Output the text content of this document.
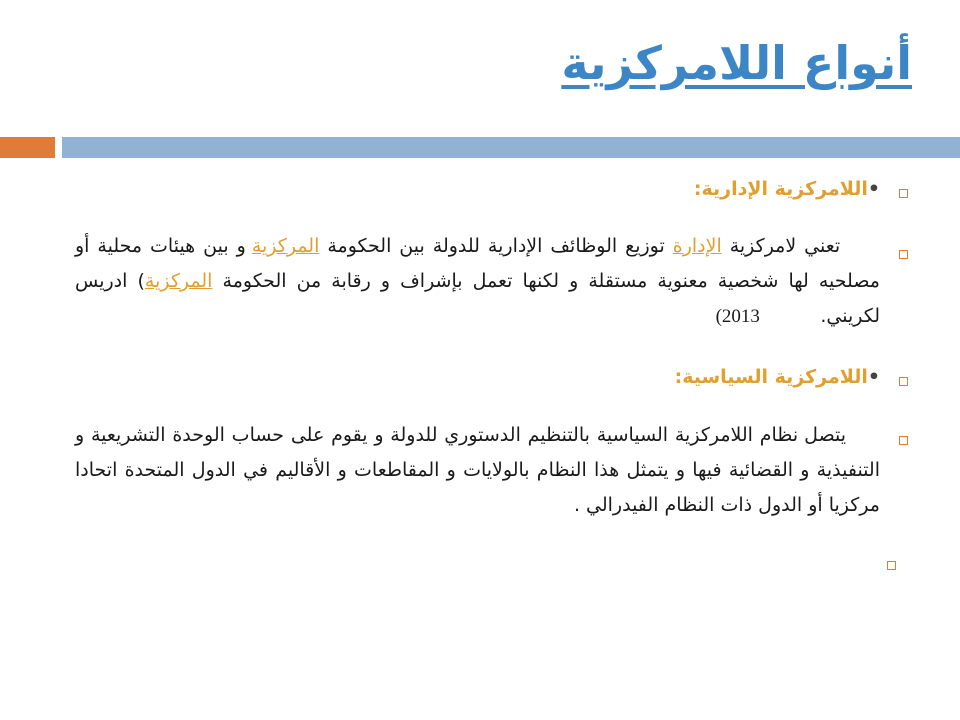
أنواع اللامركزية
•اللامركزية الإدارية:
تعني لامركزية الإدارة توزيع الوظائف الإدارية للدولة بين الحكومة المركزية و بين هيئات محلية أو مصلحيه لها شخصية معنوية مستقلة و لكنها تعمل بإشراف و رقابة من الحكومة المركزية) ادريس لكريني.          2013)
•اللامركزية السياسية:
يتصل نظام اللامركزية السياسية بالتنظيم الدستوري للدولة و يقوم على حساب الوحدة التشريعية و التنفيذية و القضائية فيها و يتمثل هذا النظام بالولايات و المقاطعات و الأقاليم في الدول المتحدة اتحادا مركزيا أو الدول ذات النظام الفيدرالي .
